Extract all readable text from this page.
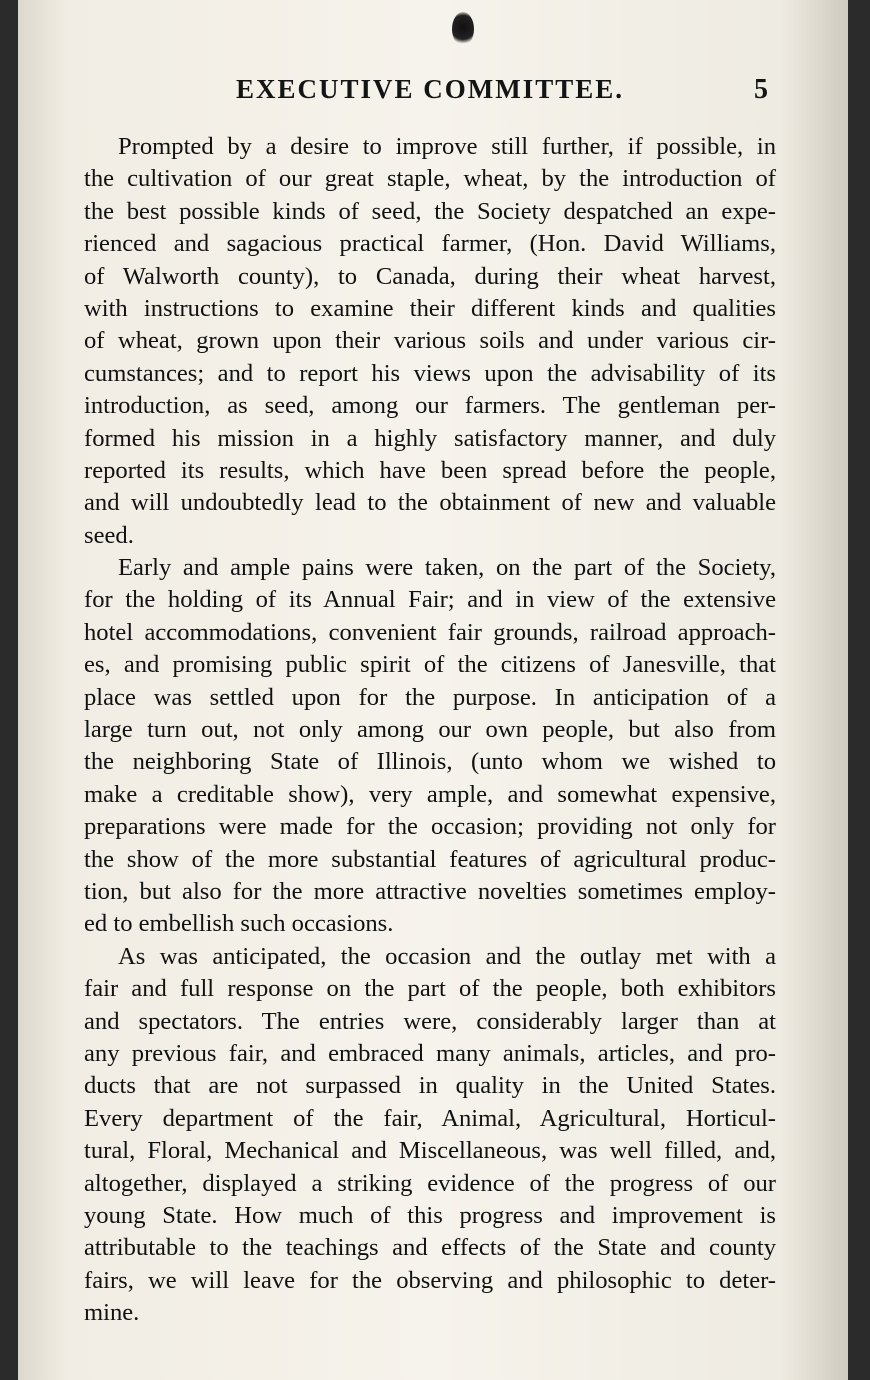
EXECUTIVE COMMITTEE.	5
Prompted by a desire to improve still further, if possible, in
the cultivation of our great staple, wheat, by the introduction of
the best possible kinds of seed, the Society despatched an expe-
rienced and sagacious practical farmer, (Hon. David Williams,
of Walworth county), to Canada, during their wheat harvest,
with instructions to examine their different kinds and qualities
of wheat, grown upon their various soils and under various cir-
cumstances; and to report his views upon the advisability of its
introduction, as seed, among our farmers. The gentleman per-
formed his mission in a highly satisfactory manner, and duly
reported its results, which have been spread before the people,
and will undoubtedly lead to the obtainment of new and valuable
seed.
Early and ample pains were taken, on the part of the Society,
for the holding of its Annual Fair; and in view of the extensive
hotel accommodations, convenient fair grounds, railroad approach-
es, and promising public spirit of the citizens of Janesville, that
place was settled upon for the purpose. In anticipation of a
large turn out, not only among our own people, but also from
the neighboring State of Illinois, (unto whom we wished to
make a creditable show), very ample, and somewhat expensive,
preparations were made for the occasion; providing not only for
the show of the more substantial features of agricultural produc-
tion, but also for the more attractive novelties sometimes employ-
ed to embellish such occasions.
As was anticipated, the occasion and the outlay met with a
fair and full response on the part of the people, both exhibitors
and spectators. The entries were, considerably larger than at
any previous fair, and embraced many animals, articles, and pro-
ducts that are not surpassed in quality in the United States.
Every department of the fair, Animal, Agricultural, Horticul-
tural, Floral, Mechanical and Miscellaneous, was well filled, and,
altogether, displayed a striking evidence of the progress of our
young State. How much of this progress and improvement is
attributable to the teachings and effects of the State and county
fairs, we will leave for the observing and philosophic to deter-
mine.
